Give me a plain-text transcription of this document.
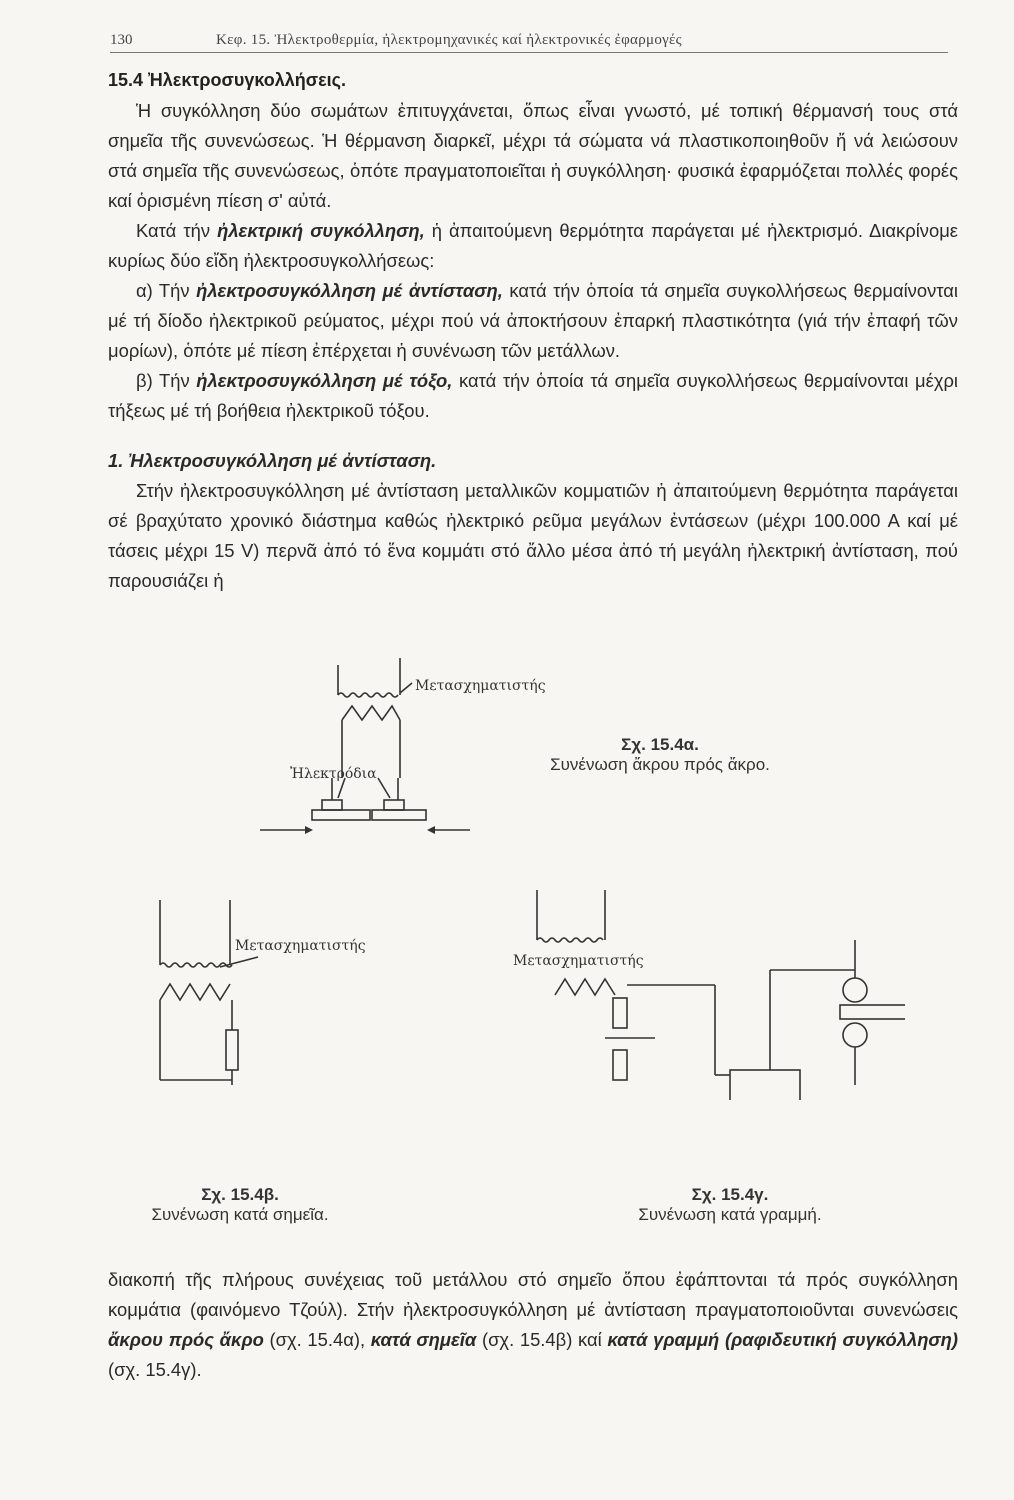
130	Κεφ. 15. Ἠλεκτροθερμία, ἠλεκτρομηχανικές καί ἠλεκτρονικές ἐφαρμογές
15.4 Ἠλεκτροσυγκολλήσεις.

Ἡ συγκόλληση δύο σωμάτων ἐπιτυγχάνεται, ὅπως εἶναι γνωστό, μέ τοπική θέρμανσή τους στά σημεῖα τῆς συνενώσεως. Ἡ θέρμανση διαρκεῖ, μέχρι τά σώματα νά πλαστικοποιηθοῦν ἤ νά λειώσουν στά σημεῖα τῆς συνενώσεως, ὁπότε πραγματοποιεῖται ἡ συγκόλληση· φυσικά ἐφαρμόζεται πολλές φορές καί ὁρισμένη πίεση σ' αὐτά.

Κατά τήν ἠλεκτρική συγκόλληση, ἡ ἀπαιτούμενη θερμότητα παράγεται μέ ἠλεκτρισμό. Διακρίνομε κυρίως δύο εἴδη ἠλεκτροσυγκολλήσεως:

α) Τήν ἠλεκτροσυγκόλληση μέ ἀντίσταση, κατά τήν ὁποία τά σημεῖα συγκολλήσεως θερμαίνονται μέ τή δίοδο ἠλεκτρικοῦ ρεύματος, μέχρι πού νά ἀποκτήσουν ἐπαρκή πλαστικότητα (γιά τήν ἐπαφή τῶν μορίων), ὁπότε μέ πίεση ἐπέρχεται ἡ συνένωση τῶν μετάλλων.

β) Τήν ἠλεκτροσυγκόλληση μέ τόξο, κατά τήν ὁποία τά σημεῖα συγκολλήσεως θερμαίνονται μέχρι τήξεως μέ τή βοήθεια ἠλεκτρικοῦ τόξου.

1. Ἠλεκτροσυγκόλληση μέ ἀντίσταση.

Στήν ἠλεκτροσυγκόλληση μέ ἀντίσταση μεταλλικῶν κομματιῶν ἡ ἀπαιτούμενη θερμότητα παράγεται σέ βραχύτατο χρονικό διάστημα καθώς ἠλεκτρικό ρεῦμα μεγάλων ἐντάσεων (μέχρι 100.000 Α καί μέ τάσεις μέχρι 15 V) περνᾶ ἀπό τό ἕνα κομμάτι στό ἄλλο μέσα ἀπό τή μεγάλη ἠλεκτρική ἀντίσταση, πού παρουσιάζει ἡ

Μετασχηματιστής
Ἠλεκτρόδια
Σχ. 15.4α.
Συνένωση ἄκρου πρός ἄκρο.
Μετασχηματιστής
Σχ. 15.4β.
Συνένωση κατά σημεῖα.
Μετασχηματιστής
Σχ. 15.4γ.
Συνένωση κατά γραμμή.

διακοπή τῆς πλήρους συνέχειας τοῦ μετάλλου στό σημεῖο ὅπου ἐφάπτονται τά πρός συγκόλληση κομμάτια (φαινόμενο Τζούλ). Στήν ἠλεκτροσυγκόλληση μέ ἀντίσταση πραγματοποιοῦνται συνενώσεις ἄκρου πρός ἄκρο (σχ. 15.4α), κατά σημεῖα (σχ. 15.4β) καί κατά γραμμή (ραφιδευτική συγκόλληση) (σχ. 15.4γ).
